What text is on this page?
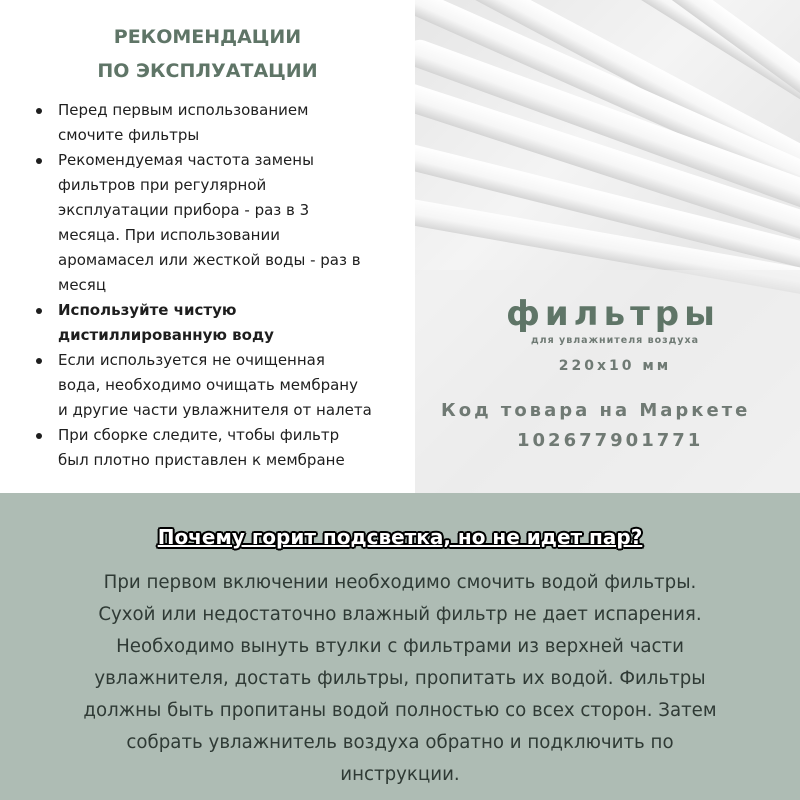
РЕКОМЕНДАЦИИ
ПО ЭКСПЛУАТАЦИИ
Перед первым использованием
смочите фильтры
Рекомендуемая частота замены
фильтров при регулярной
эксплуатации прибора - раз в 3
месяца. При использовании
аромамасел или жесткой воды - раз в
месяц
Используйте чистую
дистиллированную воду
Если используется не очищенная
вода, необходимо очищать мембрану
и другие части увлажнителя от налета
При сборке следите, чтобы фильтр
был плотно приставлен к мембране
фильтры
для увлажнителя воздуха
220x10 мм
Код товара на Маркете
102677901771
Почему горит подсветка, но не идет пар?
При первом включении необходимо смочить водой фильтры.
Сухой или недостаточно влажный фильтр не дает испарения.
Необходимо вынуть втулки с фильтрами из верхней части
увлажнителя, достать фильтры, пропитать их водой. Фильтры
должны быть пропитаны водой полностью со всех сторон. Затем
собрать увлажнитель воздуха обратно и подключить по
инструкции.
